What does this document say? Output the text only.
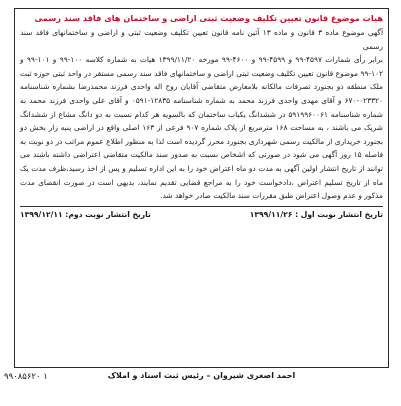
هیات موضوع قانون تعیین تکلیف وضعیت ثبتی اراضی و ساختمان های فاقد سند رسمی

آگهی موضوع ماده ۳ قانون و ماده ۱۳ آئین نامه قانون تعیین تکلیف وضعیت ثبتی و اراضی و ساختمانهای فاقد سند رسمی

برابر رأی شمارات ۴۵۹۷-۹۹ و ۴۵۹۹-۹۹ و ۴۶۰۰-۹۹ مورخه ۱۳۹۹/۱۱/۲۰ هیات به شماره کلاسه ۱۰۰-۹۹ و ۱۰۱-۹۹ و ۱۰۲-۹۹ موضوع قانون تعیین تکلیف وضعیت ثبتی اراضی و ساختمانهای فاقد سند رسمی مستقر در واحد ثبتی حوزه ثبت ملک منطقه دو بجنورد تصرفات مالکانه بلامعارض متقاضی آقایان روح اله واحدی فرزند محمدرضا بشماره شناسنامه ۰۲۳۳۲۰-۶۷۰ و آقای مهدی واحدی فرزند محمد به شماره شناسنامه ۱۲۸۳۵-۰۵۹۱ و آقای علی واحدی فرزند محمد به شماره شناسنامه ۵۹۱۹۹۶۰۰۶۱ در ششدانگ یکباب ساختمان که بالسویه هر کدام نسبت به دو دانگ مشاع از ششدانگ شریک می باشند ، به مساحت ۱۶۸ مترمربع از پلاک شماره ۹۰۷ فرعی از ۱۶۳ اصلی واقع در اراضی پنبه زار بخش دو بجنورد خریداری از مالکیت رسمی شهرداری بجنورد محرز گردیده است لذا به منظور اطلاع عموم مراتب در دو نوبت به فاصله ۱۵ روز آگهی می شود در صورتی که اشخاص نسبت به صدور سند مالکیت متقاضی اعتراضی داشته باشند می توانند از تاریخ انتشار اولین آگهی به مدت دو ماه اعتراض خود را به این اداره تسلیم و پس از اخذ رسید،ظرف مدت یک ماه از تاریخ تسلیم اعتراض ،دادخواست خود را به مراجع قضایی تقدیم نمایند، بدیهی است در صورت انقضای مدت مذکور و عدم وصول اعتراض طبق مقررات سند مالکیت صادر خواهد شد.

تاریخ انتشار نوبت اول : ۱۳۹۹/۱۱/۲۶
تاریخ انتشار نوبت دوم: ۱۳۹۹/۱۲/۱۱
احمد اصغری شیروان – رئیس ثبت اسناد و املاک
۹۹۰۸۵۶۲۰ ۱
